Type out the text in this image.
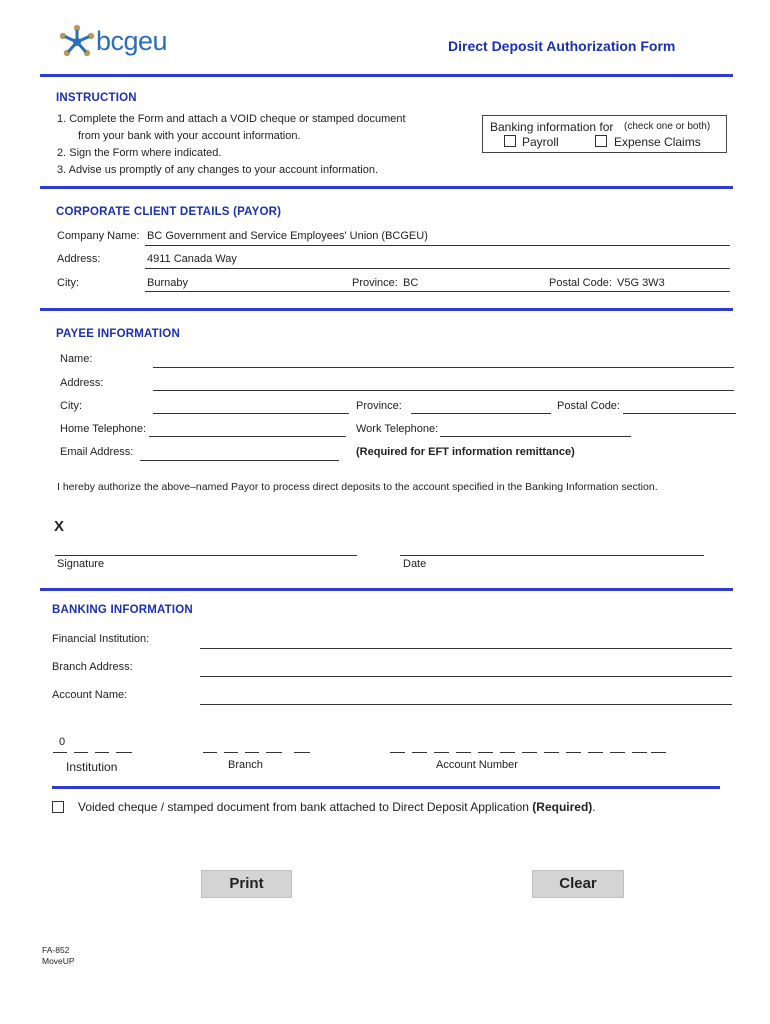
bcgeu	Direct Deposit Authorization Form
INSTRUCTION
1. Complete the Form and attach a VOID cheque or stamped document
from your bank with your account information.
2. Sign the Form where indicated.
3. Advise us promptly of any changes to your account information.
Banking information for (check one or both)
Payroll	Expense Claims
CORPORATE CLIENT DETAILS (PAYOR)
Company Name: BC Government and Service Employees' Union (BCGEU)
Address:	4911 Canada Way
City:	Burnaby	Province: BC	Postal Code: V5G 3W3
PAYEE INFORMATION
Name:
Address:
City:	Province:	Postal Code:
Home Telephone:	Work Telephone:
Email Address:	(Required for EFT information remittance)
I hereby authorize the above–named Payor to process direct deposits to the account specified in the Banking Information section.
X
Signature	Date
BANKING INFORMATION
Financial Institution:
Branch Address:
Account Name:
0
Institution	Branch	Account Number
Voided cheque / stamped document from bank attached to Direct Deposit Application (Required).
Print	Clear
FA-852
MoveUP
